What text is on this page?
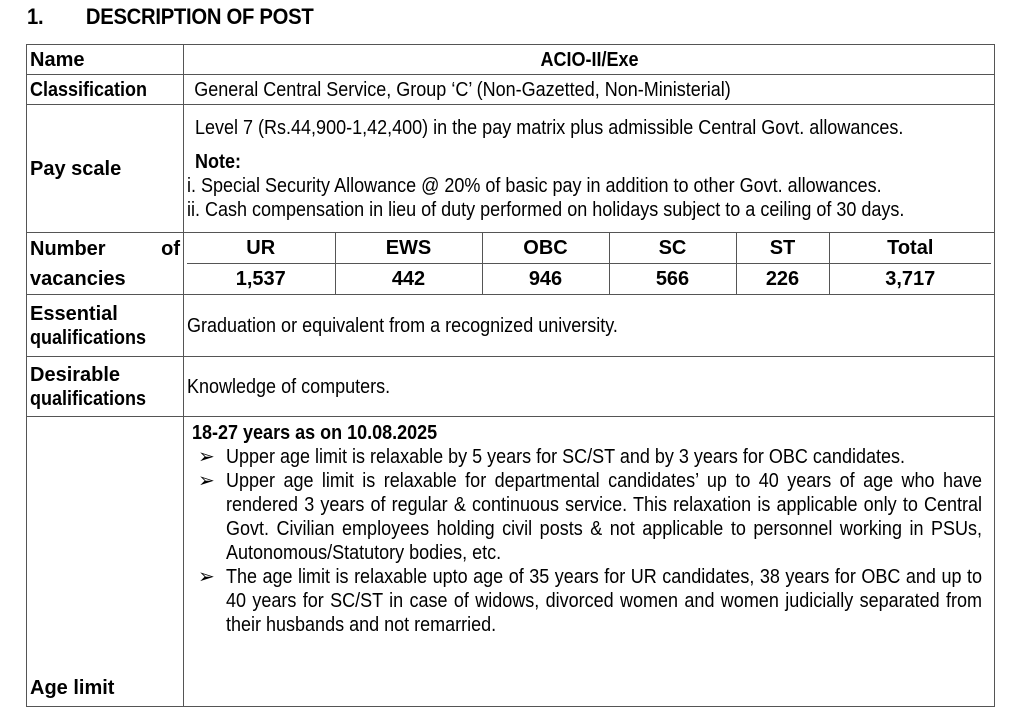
1. DESCRIPTION OF POST
Name	ACIO-II/Exe
Classification	General Central Service, Group ‘C’ (Non-Gazetted, Non-Ministerial)
Pay scale	
Level 7 (Rs.44,900-1,42,400) in the pay matrix plus admissible Central Govt. allowances.
Note:
i. Special Security Allowance @ 20% of basic pay in addition to other Govt. allowances.
ii. Cash compensation in lieu of duty performed on holidays subject to a ceiling of 30 days.

Number	of
vacancies

UR	EWS	OBC	SC	ST	Total
1,537	442	946	566	226	3,717

Essential
qualifications
	Graduation or equivalent from a recognized university.

Desirable
qualifications
	Knowledge of computers.
Age limit	
18-27 years as on 10.08.2025
➢ Upper age limit is relaxable by 5 years for SC/ST and by 3 years for OBC candidates.
➢ Upper age limit is relaxable for departmental candidates’ up to 40 years of age who have rendered 3 years of regular & continuous service. This relaxation is applicable only to Central Govt. Civilian employees holding civil posts & not applicable to personnel working in PSUs, Autonomous/Statutory bodies, etc.
➢ The age limit is relaxable upto age of 35 years for UR candidates, 38 years for OBC and up to 40 years for SC/ST in case of widows, divorced women and women judicially separated from their husbands and not remarried.
